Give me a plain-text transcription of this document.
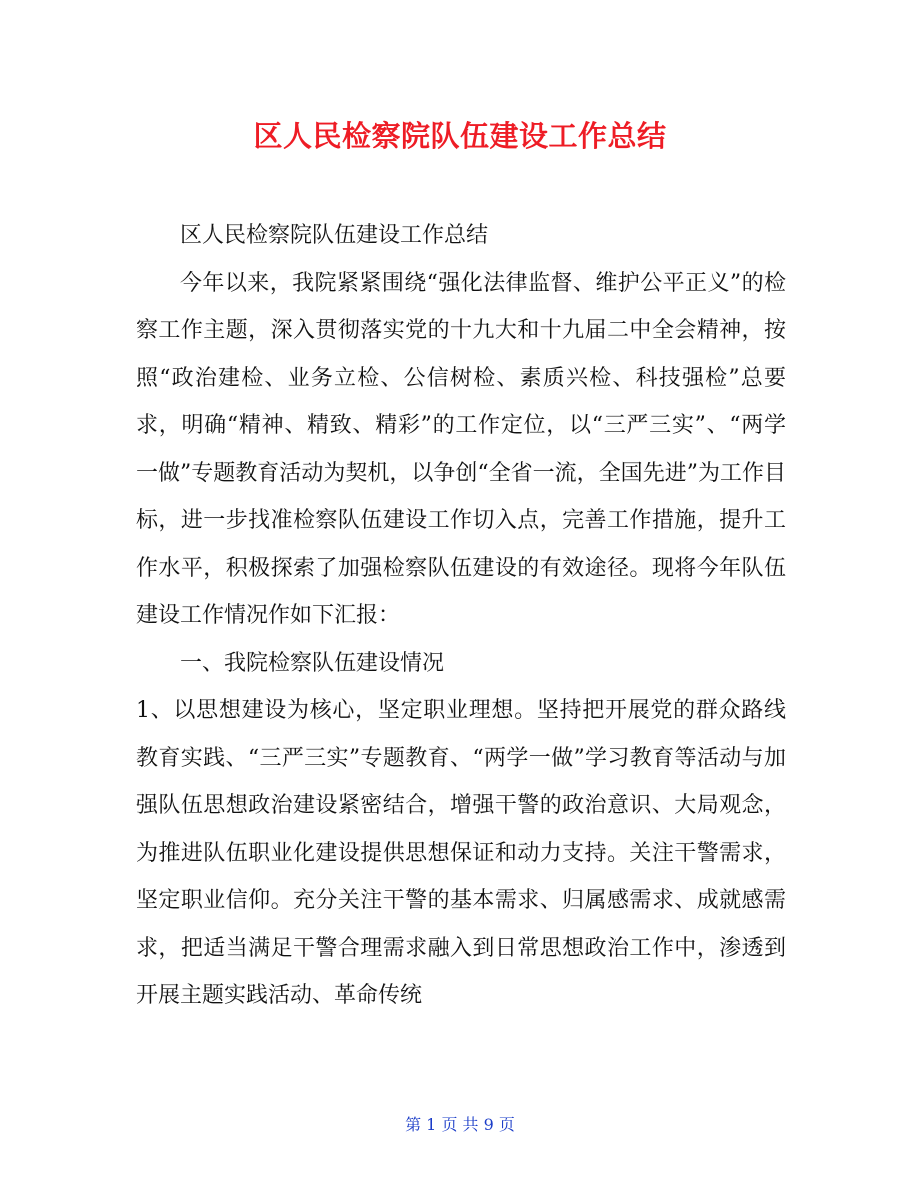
区人民检察院队伍建设工作总结

区人民检察院队伍建设工作总结

今年以来，我院紧紧围绕“强化法律监督、维护公平正义”的检察工作主题，深入贯彻落实党的十九大和十九届二中全会精神，按照“政治建检、业务立检、公信树检、素质兴检、科技强检”总要求，明确“精神、精致、精彩”的工作定位，以“三严三实”、“两学一做”专题教育活动为契机，以争创“全省一流，全国先进”为工作目标，进一步找准检察队伍建设工作切入点，完善工作措施，提升工作水平，积极探索了加强检察队伍建设的有效途径。现将今年队伍建设工作情况作如下汇报：

一、我院检察队伍建设情况

1、以思想建设为核心，坚定职业理想。坚持把开展党的群众路线教育实践、“三严三实”专题教育、“两学一做”学习教育等活动与加强队伍思想政治建设紧密结合，增强干警的政治意识、大局观念，为推进队伍职业化建设提供思想保证和动力支持。关注干警需求，坚定职业信仰。充分关注干警的基本需求、归属感需求、成就感需求，把适当满足干警合理需求融入到日常思想政治工作中，渗透到开展主题实践活动、革命传统

第 1 页 共 9 页
